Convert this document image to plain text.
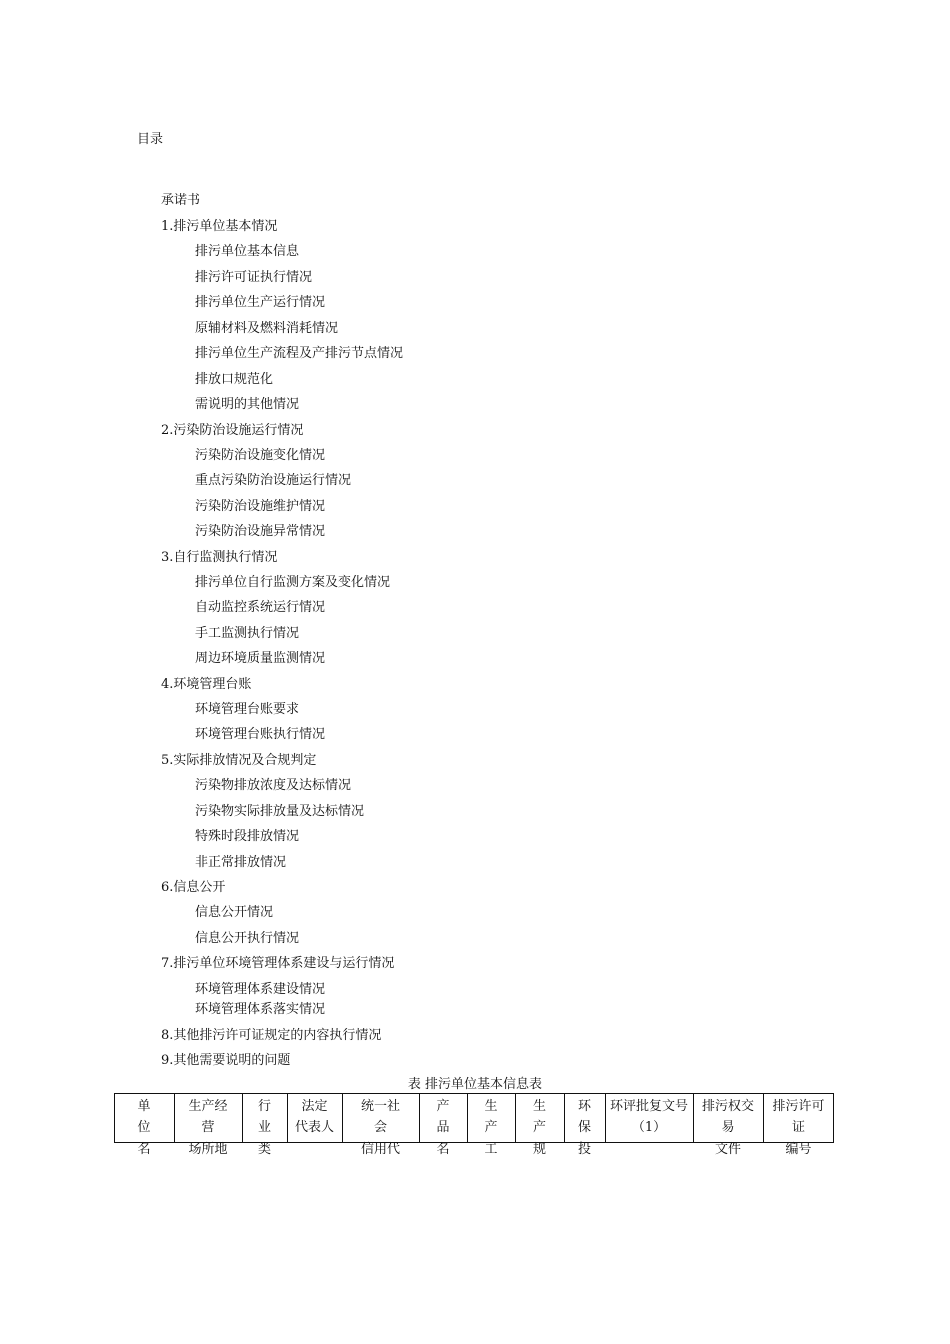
目录
承诺书
1.排污单位基本情况
排污单位基本信息
排污许可证执行情况
排污单位生产运行情况
原辅材料及燃料消耗情况
排污单位生产流程及产排污节点情况
排放口规范化
需说明的其他情况
2.污染防治设施运行情况
污染防治设施变化情况
重点污染防治设施运行情况
污染防治设施维护情况
污染防治设施异常情况
3.自行监测执行情况
排污单位自行监测方案及变化情况
自动监控系统运行情况
手工监测执行情况
周边环境质量监测情况
4.环境管理台账
环境管理台账要求
环境管理台账执行情况
5.实际排放情况及合规判定
污染物排放浓度及达标情况
污染物实际排放量及达标情况
特殊时段排放情况
非正常排放情况
6.信息公开
信息公开情况
信息公开执行情况
7.排污单位环境管理体系建设与运行情况
环境管理体系建设情况
环境管理体系落实情况
8.其他排污许可证规定的内容执行情况
9.其他需要说明的问题
表 排污单位基本信息表
单
位
名
生产经
营
场所地
行
业
类
法定
代表人
统一社
会
信用代
产
品
名
生
产
工
生
产
规
环
保
投
环评批复文号
（1）
排污权交
易
文件
排污许可
证
编号
